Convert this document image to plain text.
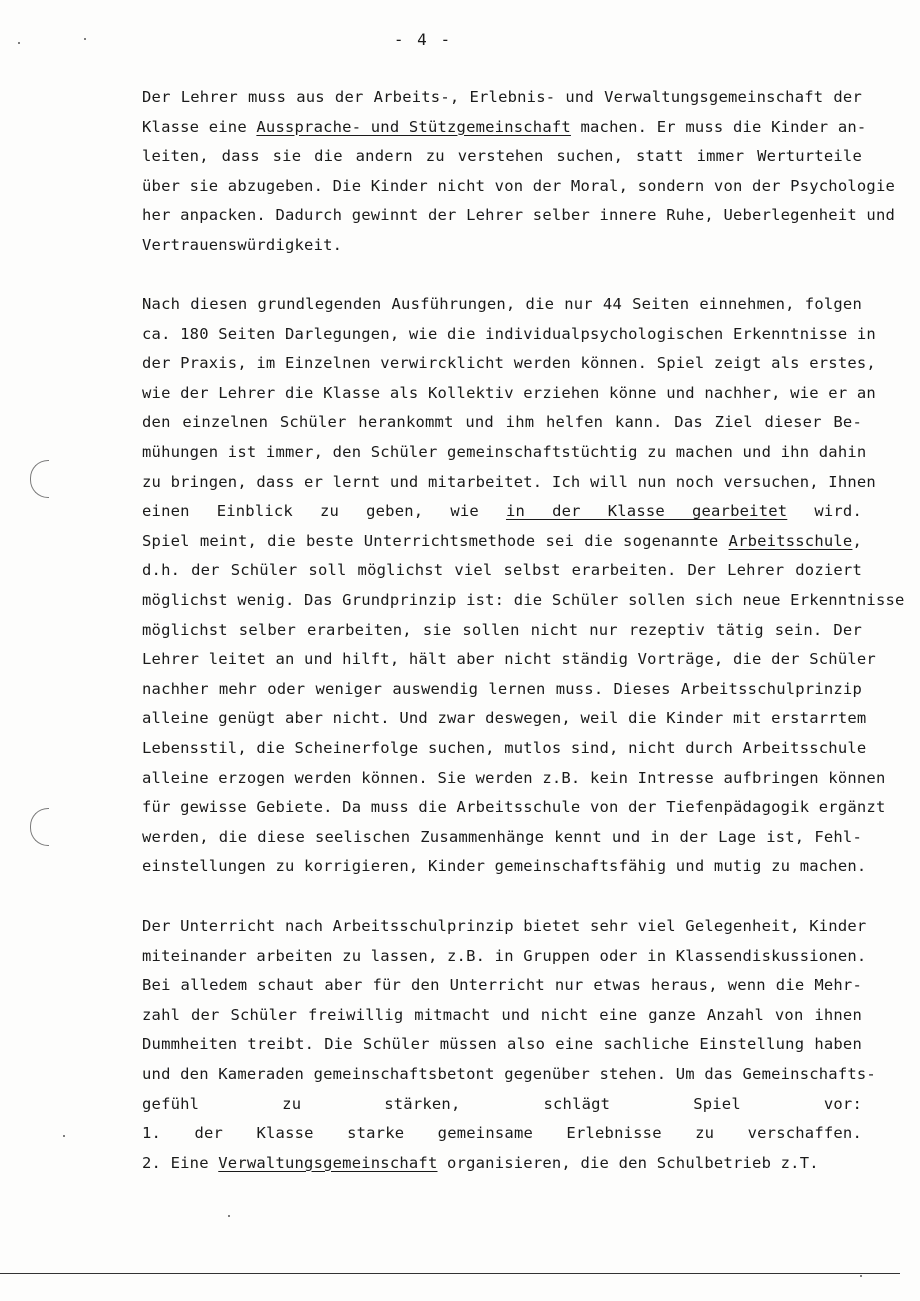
- 4 -
Der Lehrer muss aus der Arbeits-, Erlebnis- und Verwaltungsgemeinschaft der
Klasse eine Aussprache- und Stützgemeinschaft machen. Er muss die Kinder an-
leiten, dass sie die andern zu verstehen suchen, statt immer Werturteile
über sie abzugeben. Die Kinder nicht von der Moral, sondern von der Psychologie
her anpacken. Dadurch gewinnt der Lehrer selber innere Ruhe, Ueberlegenheit und
Vertrauenswürdigkeit.
Nach diesen grundlegenden Ausführungen, die nur 44 Seiten einnehmen, folgen
ca. 180 Seiten Darlegungen, wie die individualpsychologischen Erkenntnisse in
der Praxis, im Einzelnen verwircklicht werden können. Spiel zeigt als erstes,
wie der Lehrer die Klasse als Kollektiv erziehen könne und nachher, wie er an
den einzelnen Schüler herankommt und ihm helfen kann. Das Ziel dieser Be-
mühungen ist immer, den Schüler gemeinschaftstüchtig zu machen und ihn dahin
zu bringen, dass er lernt und mitarbeitet. Ich will nun noch versuchen, Ihnen
einen Einblick zu geben, wie in der Klasse gearbeitet wird.
Spiel meint, die beste Unterrichtsmethode sei die sogenannte Arbeitsschule,
d.h. der Schüler soll möglichst viel selbst erarbeiten. Der Lehrer doziert
möglichst wenig. Das Grundprinzip ist: die Schüler sollen sich neue Erkenntnisse
möglichst selber erarbeiten, sie sollen nicht nur rezeptiv tätig sein. Der
Lehrer leitet an und hilft, hält aber nicht ständig Vorträge, die der Schüler
nachher mehr oder weniger auswendig lernen muss. Dieses Arbeitsschulprinzip
alleine genügt aber nicht. Und zwar deswegen, weil die Kinder mit erstarrtem
Lebensstil, die Scheinerfolge suchen, mutlos sind, nicht durch Arbeitsschule
alleine erzogen werden können. Sie werden z.B. kein Intresse aufbringen können
für gewisse Gebiete. Da muss die Arbeitsschule von der Tiefenpädagogik ergänzt
werden, die diese seelischen Zusammenhänge kennt und in der Lage ist, Fehl-
einstellungen zu korrigieren, Kinder gemeinschaftsfähig und mutig zu machen.
Der Unterricht nach Arbeitsschulprinzip bietet sehr viel Gelegenheit, Kinder
miteinander arbeiten zu lassen, z.B. in Gruppen oder in Klassendiskussionen.
Bei alledem schaut aber für den Unterricht nur etwas heraus, wenn die Mehr-
zahl der Schüler freiwillig mitmacht und nicht eine ganze Anzahl von ihnen
Dummheiten treibt. Die Schüler müssen also eine sachliche Einstellung haben
und den Kameraden gemeinschaftsbetont gegenüber stehen. Um das Gemeinschafts-
gefühl zu stärken, schlägt Spiel vor:
1. der Klasse starke gemeinsame Erlebnisse zu verschaffen.
2. Eine Verwaltungsgemeinschaft organisieren, die den Schulbetrieb z.T.
